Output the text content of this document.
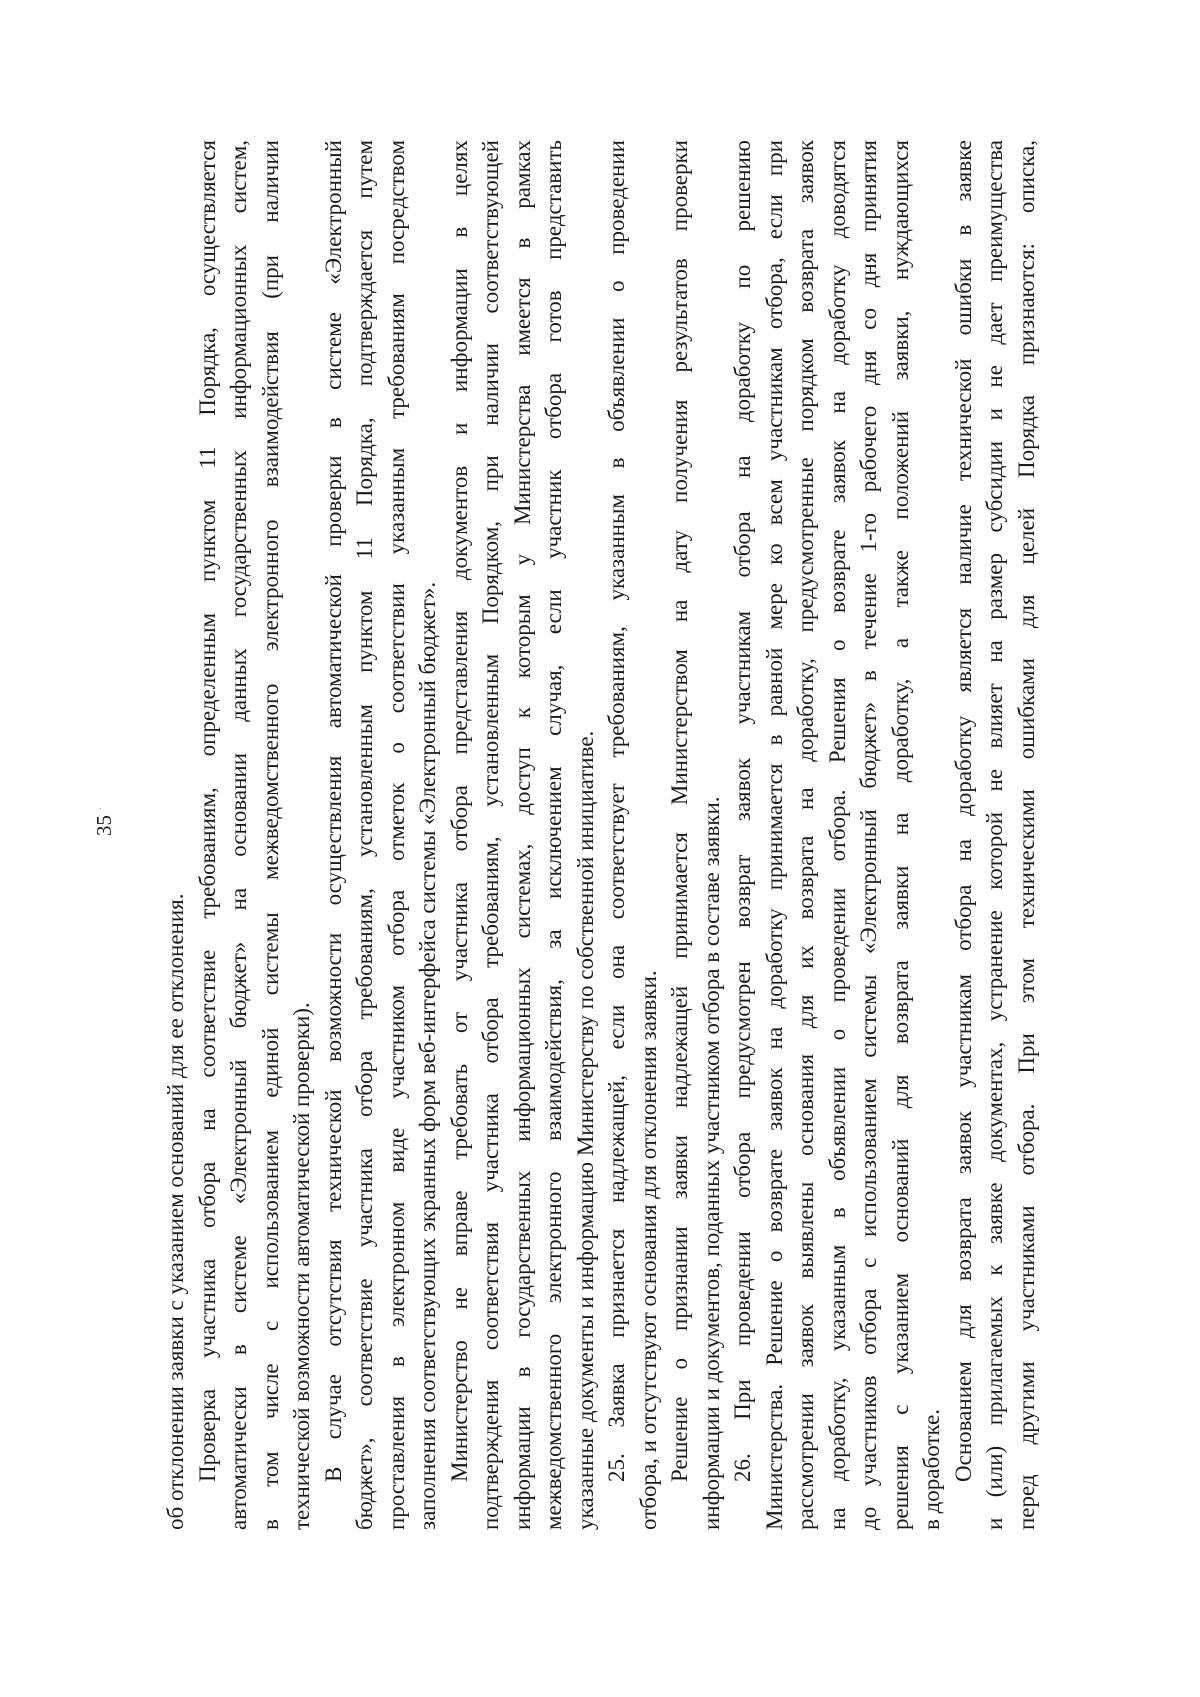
35
об отклонении заявки с указанием оснований для ее отклонения. Проверка участника отбора на соответствие требованиям, определенным пунктом 11 Порядка, осуществляется автоматически в системе «Электронный бюджет» на основании данных государственных информационных систем, в том числе с использованием единой системы межведомственного электронного взаимодействия (при наличии технической возможности автоматической проверки). В случае отсутствия технической возможности осуществления автоматической проверки в системе «Электронный бюджет», соответствие участника отбора требованиям, установленным пунктом 11 Порядка, подтверждается путем проставления в электронном виде участником отбора отметок о соответствии указанным требованиям посредством заполнения соответствующих экранных форм веб-интерфейса системы «Электронный бюджет». Министерство не вправе требовать от участника отбора представления документов и информации в целях подтверждения соответствия участника отбора требованиям, установленным Порядком, при наличии соответствующей информации в государственных информационных системах, доступ к которым у Министерства имеется в рамках межведомственного электронного взаимодействия, за исключением случая, если участник отбора готов представить указанные документы и информацию Министерству по собственной инициативе. 25. Заявка признается надлежащей, если она соответствует требованиям, указанным в объявлении о проведении отбора, и отсутствуют основания для отклонения заявки. Решение о признании заявки надлежащей принимается Министерством на дату получения результатов проверки информации и документов, поданных участником отбора в составе заявки. 26. При проведении отбора предусмотрен возврат заявок участникам отбора на доработку по решению Министерства. Решение о возврате заявок на доработку принимается в равной мере ко всем участникам отбора, если при рассмотрении заявок выявлены основания для их возврата на доработку, предусмотренные порядком возврата заявок на доработку, указанным в объявлении о проведении отбора. Решения о возврате заявок на доработку доводятся до участников отбора с использованием системы «Электронный бюджет» в течение 1-го рабочего дня со дня принятия решения с указанием оснований для возврата заявки на доработку, а также положений заявки, нуждающихся в доработке. Основанием для возврата заявок участникам отбора на доработку является наличие технической ошибки в заявке и (или) прилагаемых к заявке документах, устранение которой не влияет на размер субсидии и не дает преимущества перед другими участниками отбора. При этом техническими ошибками для целей Порядка признаются: описка,
